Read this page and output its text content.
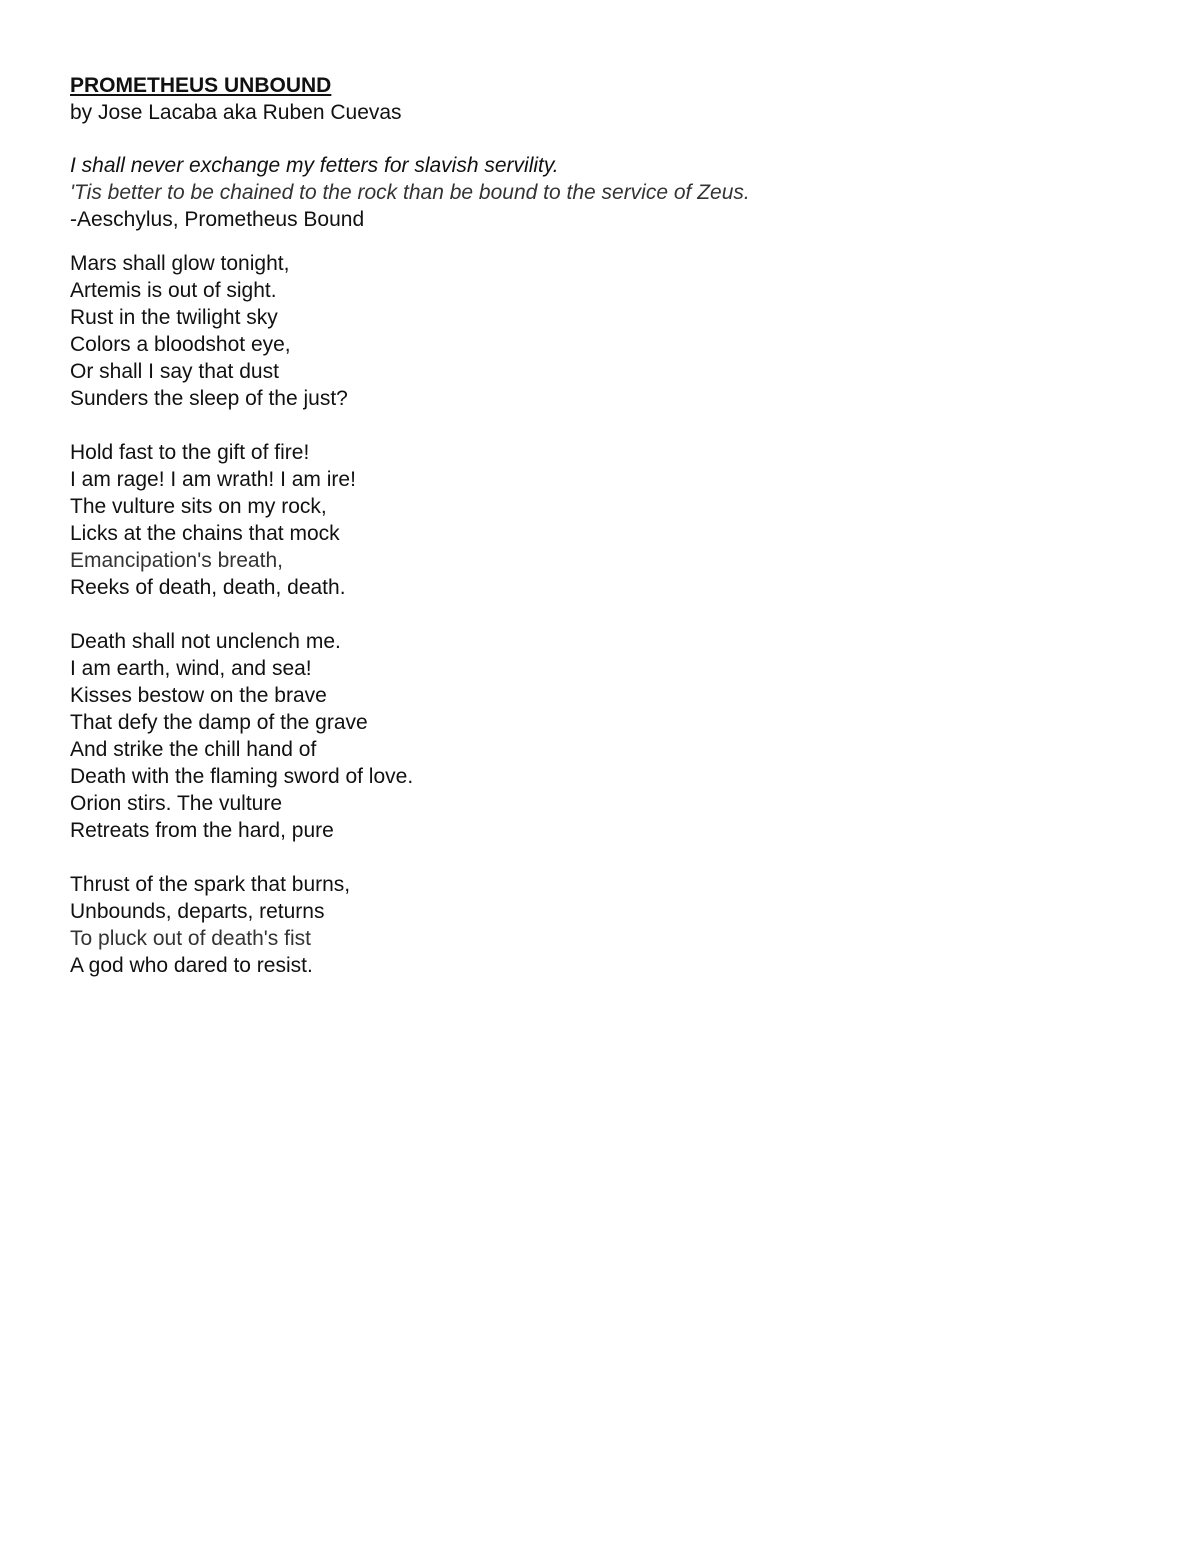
PROMETHEUS UNBOUND
by Jose Lacaba aka Ruben Cuevas
I shall never exchange my fetters for slavish servility.
'Tis better to be chained to the rock than be bound to the service of Zeus.
-Aeschylus, Prometheus Bound
Mars shall glow tonight,
Artemis is out of sight.
Rust in the twilight sky
Colors a bloodshot eye,
Or shall I say that dust
Sunders the sleep of the just?
Hold fast to the gift of fire!
I am rage! I am wrath! I am ire!
The vulture sits on my rock,
Licks at the chains that mock
Emancipation's breath,
Reeks of death, death, death.
Death shall not unclench me.
I am earth, wind, and sea!
Kisses bestow on the brave
That defy the damp of the grave
And strike the chill hand of
Death with the flaming sword of love.
Orion stirs. The vulture
Retreats from the hard, pure
Thrust of the spark that burns,
Unbounds, departs, returns
To pluck out of death's fist
A god who dared to resist.
